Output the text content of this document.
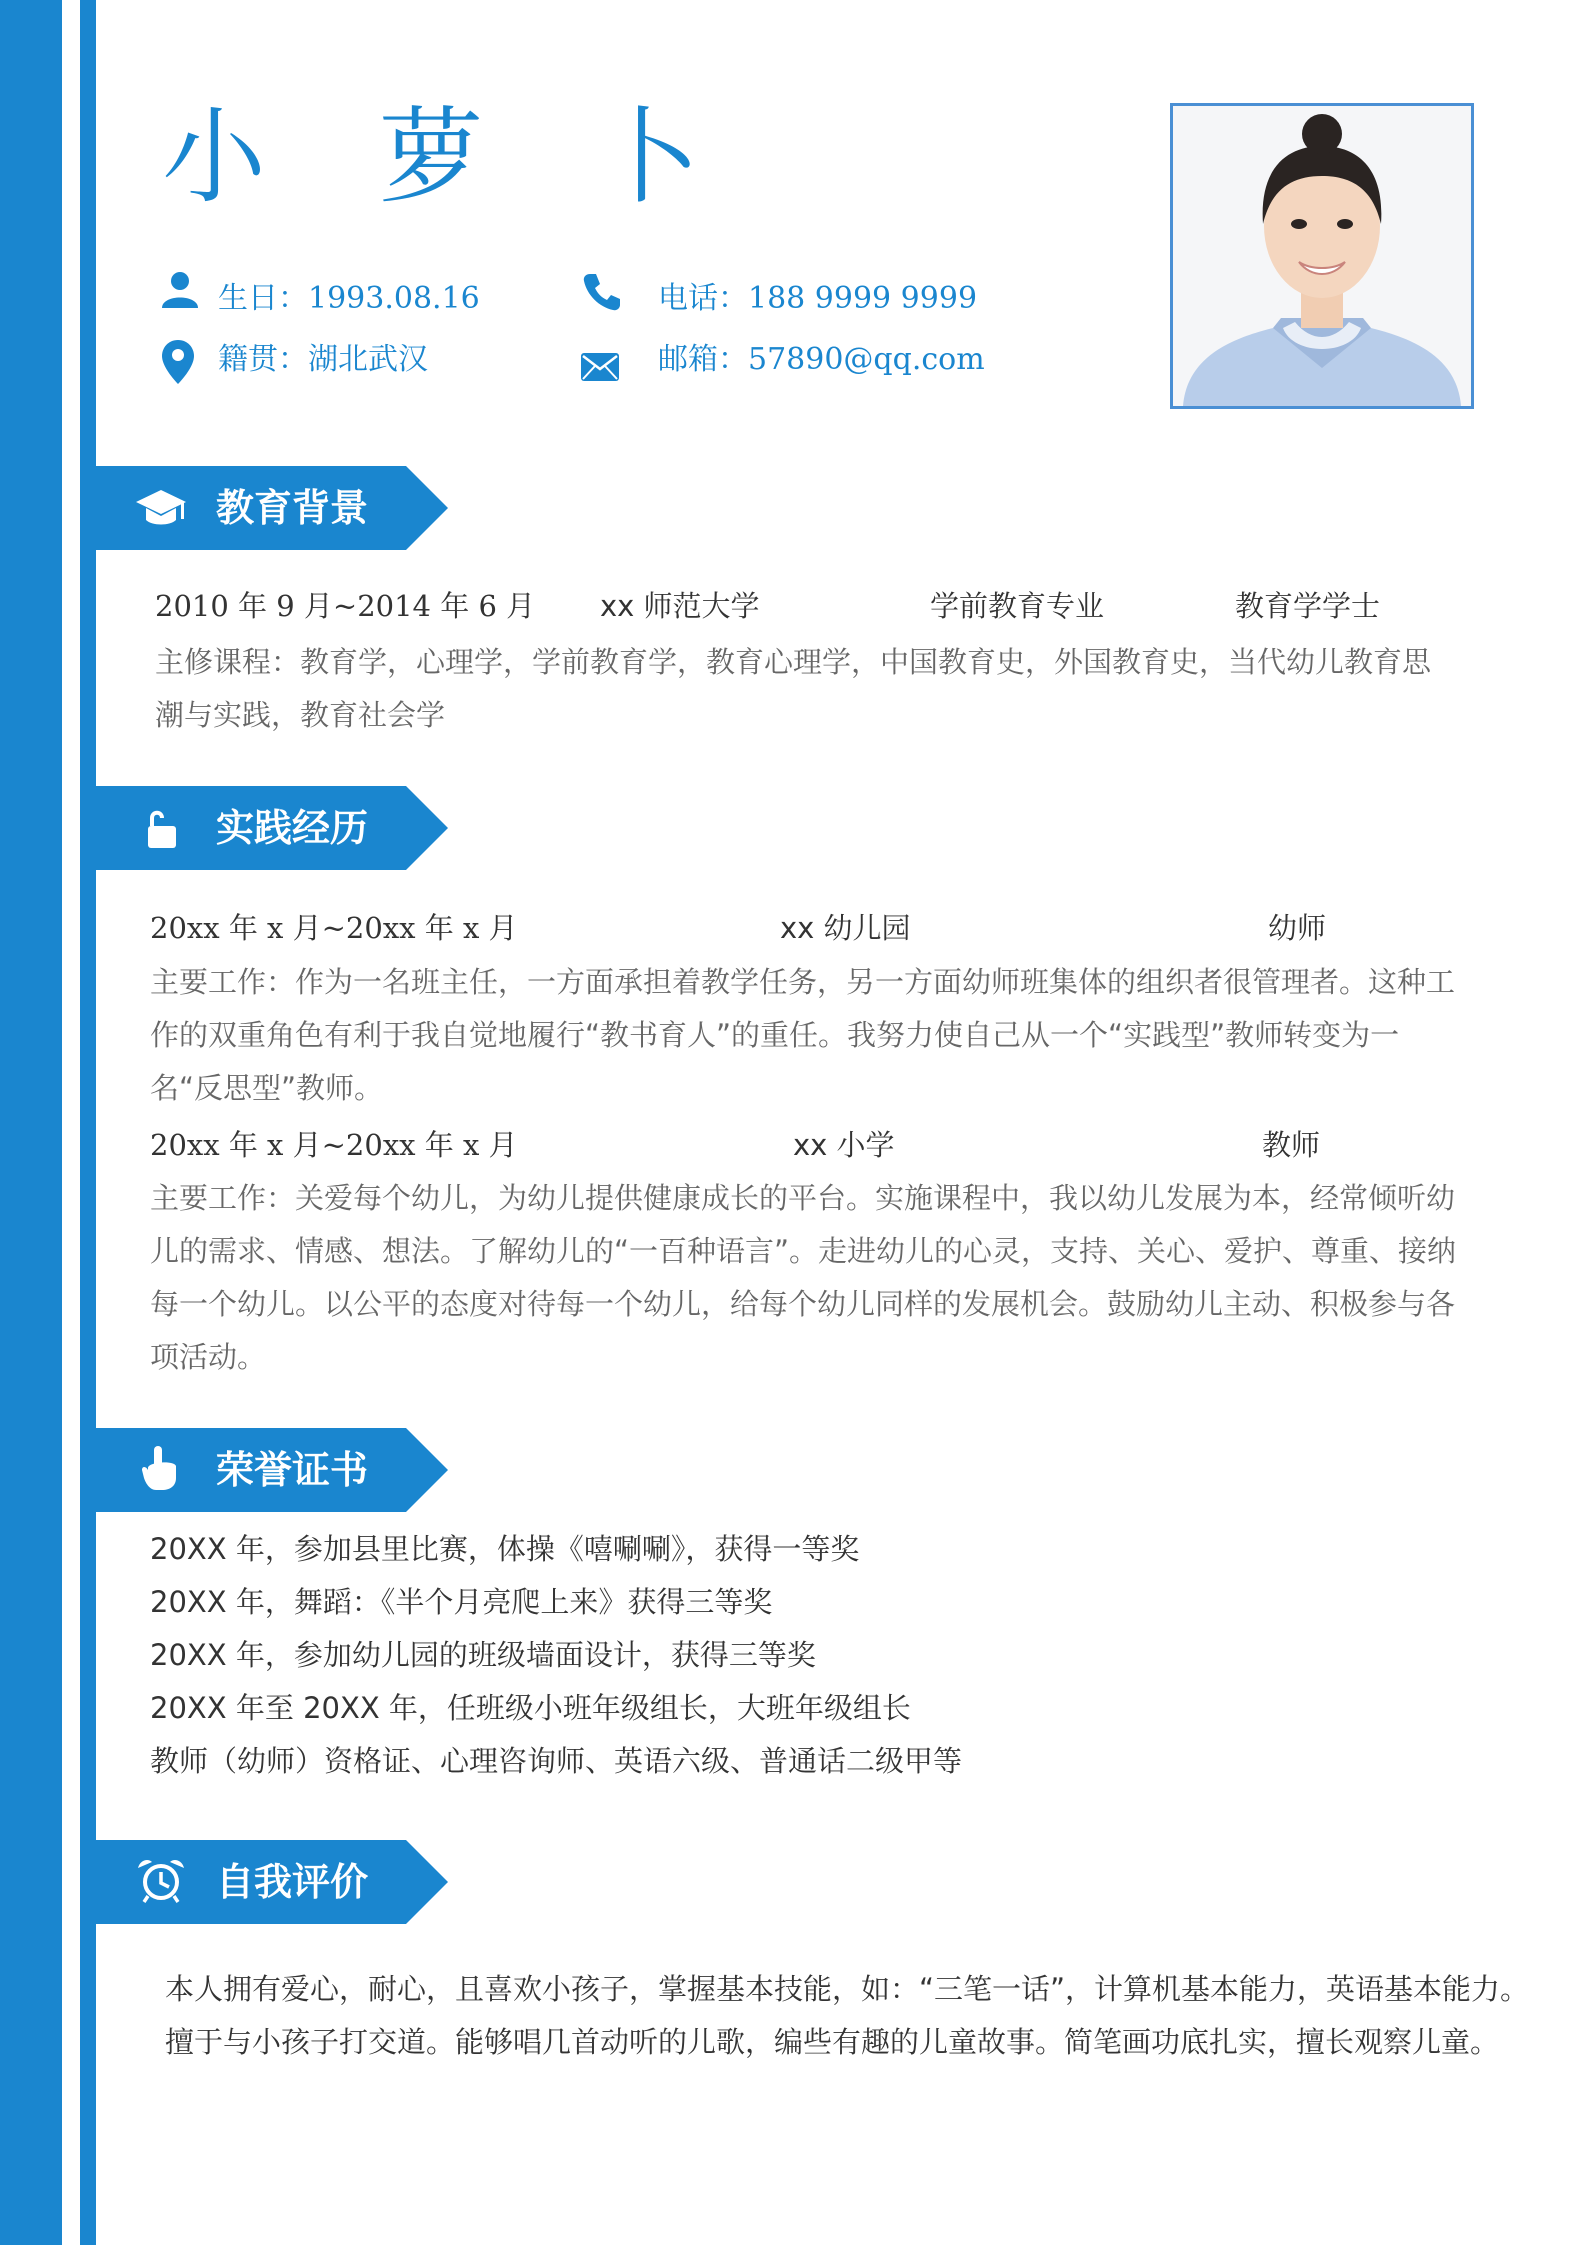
小 萝 卜
生日：1993.08.16	电话：188 9999 9999
籍贯：湖北武汉	邮箱：57890@qq.com
教育背景
2010 年 9 月~2014 年 6 月 xx 师范大学	学前教育专业	教育学学士
主修课程：教育学，心理学，学前教育学，教育心理学，中国教育史，外国教育史，当代幼儿教育思
潮与实践，教育社会学
实践经历
20xx 年 x 月~20xx 年 x 月	xx 幼儿园	幼师
主要工作：作为一名班主任，一方面承担着教学任务，另一方面幼师班集体的组织者很管理者。这种工
作的双重角色有利于我自觉地履行“教书育人”的重任。我努力使自己从一个“实践型”教师转变为一
名“反思型”教师。
20xx 年 x 月~20xx 年 x 月	xx 小学	教师
主要工作：关爱每个幼儿，为幼儿提供健康成长的平台。实施课程中，我以幼儿发展为本，经常倾听幼
儿的需求、情感、想法。了解幼儿的“一百种语言”。走进幼儿的心灵，支持、关心、爱护、尊重、接纳
每一个幼儿。以公平的态度对待每一个幼儿，给每个幼儿同样的发展机会。鼓励幼儿主动、积极参与各
项活动。
荣誉证书
20XX 年，参加县里比赛，体操《嘻唰唰》，获得一等奖
20XX 年，舞蹈：《半个月亮爬上来》获得三等奖
20XX 年，参加幼儿园的班级墙面设计，获得三等奖
20XX 年至 20XX 年，任班级小班年级组长，大班年级组长
教师（幼师）资格证、心理咨询师、英语六级、普通话二级甲等
自我评价
本人拥有爱心，耐心，且喜欢小孩子，掌握基本技能，如：“三笔一话”，计算机基本能力，英语基本能力。
擅于与小孩子打交道。能够唱几首动听的儿歌，编些有趣的儿童故事。简笔画功底扎实，擅长观察儿童。
